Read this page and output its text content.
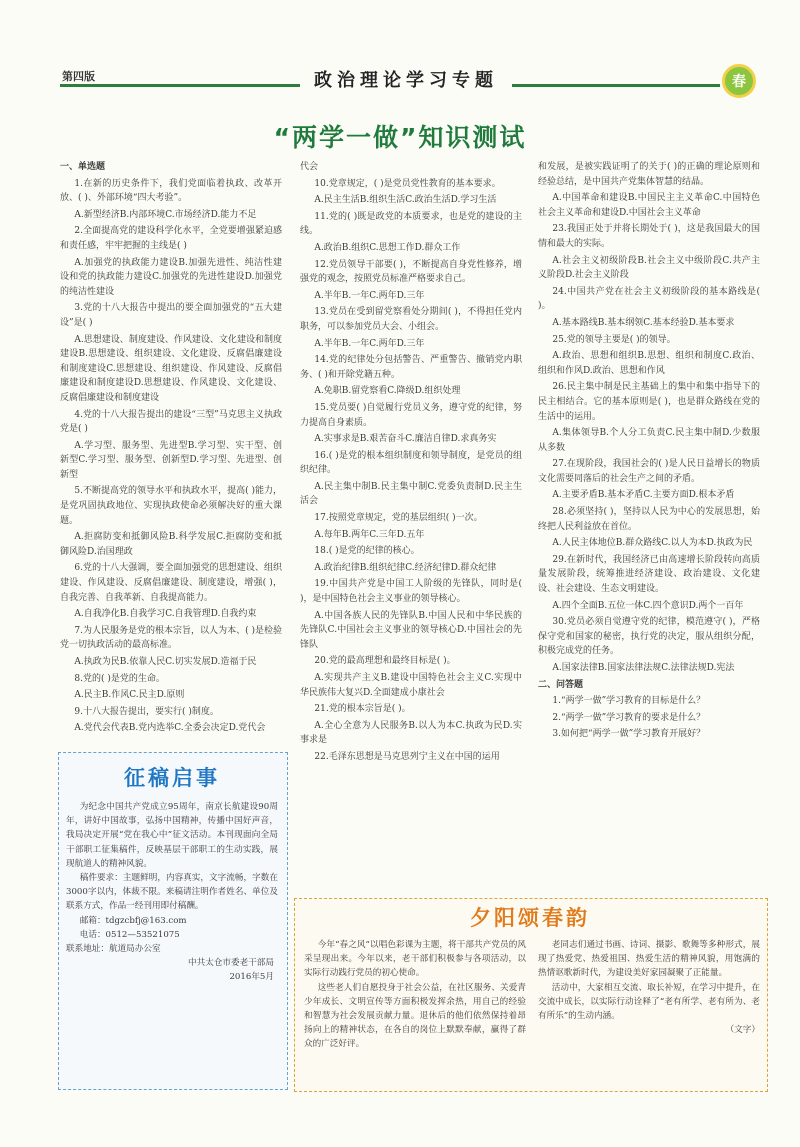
第四版	政治理论学习专题	春
“两学一做”知识测试

一、单选题

1.在新的历史条件下，我们党面临着执政、改革开放、( )、外部环境“四大考验”。

A.新型经济B.内部环境C.市场经济D.能力不足

2.全面提高党的建设科学化水平，全党要增强紧迫感和责任感，牢牢把握的主线是( )

A.加强党的执政能力建设B.加强先进性、纯洁性建设和党的执政能力建设C.加强党的先进性建设D.加强党的纯洁性建设

3.党的十八大报告中提出的要全面加强党的“五大建设”是( )

A.思想建设、制度建设、作风建设、文化建设和制度建设B.思想建设、组织建设、文化建设、反腐倡廉建设和制度建设C.思想建设、组织建设、作风建设、反腐倡廉建设和制度建设D.思想建设、作风建设、文化建设、反腐倡廉建设和制度建设

4.党的十八大报告提出的建设“三型”马克思主义执政党是( )

A.学习型、服务型、先进型B.学习型、实干型、创新型C.学习型、服务型、创新型D.学习型、先进型、创新型

5.不断提高党的领导水平和执政水平，提高( )能力，是党巩固执政地位、实现执政使命必须解决好的重大课题。

A.拒腐防变和抵御风险B.科学发展C.拒腐防变和抵御风险D.治国理政

6.党的十八大强调，要全面加强党的思想建设、组织建设、作风建设、反腐倡廉建设、制度建设，增强( )，自我完善、自我革新、自我提高能力。

A.自我净化B.自我学习C.自我管理D.自我约束

7.为人民服务是党的根本宗旨，以人为本、( )是检验党一切执政活动的最高标准。

A.执政为民B.依靠人民C.切实发展D.造福于民

8.党的( )是党的生命。

A.民主B.作风C.民主D.原则

9.十八大报告提出，要实行( )制度。

A.党代会代表B.党内选举C.全委会决定D.党代会

代会

10.党章规定，( )是党员党性教育的基本要求。

A.民主生活B.组织生活C.政治生活D.学习生活

11.党的( )既是政党的本质要求，也是党的建设的主线。

A.政治B.组织C.思想工作D.群众工作

12.党员领导干部要( )，不断提高自身党性修养，增强党的观念，按照党员标准严格要求自己。

A.半年B.一年C.两年D.三年

13.党员在受到留党察看处分期间( )，不得担任党内职务，可以参加党员大会、小组会。

A.半年B.一年C.两年D.三年

14.党的纪律处分包括警告、严重警告、撤销党内职务、( )和开除党籍五种。

A.免职B.留党察看C.降级D.组织处理

15.党员要( )自觉履行党员义务，遵守党的纪律，努力提高自身素质。

A.实事求是B.艰苦奋斗C.廉洁自律D.求真务实

16.( )是党的根本组织制度和领导制度，是党员的组织纪律。

A.民主集中制B.民主集中制C.党委负责制D.民主生活会

17.按照党章规定，党的基层组织( )一次。

A.每年B.两年C.三年D.五年

18.( )是党的纪律的核心。

A.政治纪律B.组织纪律C.经济纪律D.群众纪律

19.中国共产党是中国工人阶级的先锋队，同时是( )，是中国特色社会主义事业的领导核心。

A.中国各族人民的先锋队B.中国人民和中华民族的先锋队C.中国社会主义事业的领导核心D.中国社会的先锋队

20.党的最高理想和最终目标是( )。

A.实现共产主义B.建设中国特色社会主义C.实现中华民族伟大复兴D.全面建成小康社会

21.党的根本宗旨是( )。

A.全心全意为人民服务B.以人为本C.执政为民D.实事求是

22.毛泽东思想是马克思列宁主义在中国的运用

和发展，是被实践证明了的关于( )的正确的理论原则和经验总结，是中国共产党集体智慧的结晶。

A.中国革命和建设B.中国民主主义革命C.中国特色社会主义革命和建设D.中国社会主义革命

23.我国正处于并将长期处于( )，这是我国最大的国情和最大的实际。

A.社会主义初级阶段B.社会主义中级阶段C.共产主义阶段D.社会主义阶段

24.中国共产党在社会主义初级阶段的基本路线是( )。

A.基本路线B.基本纲领C.基本经验D.基本要求

25.党的领导主要是( )的领导。

A.政治、思想和组织B.思想、组织和制度C.政治、组织和作风D.政治、思想和作风

26.民主集中制是民主基础上的集中和集中指导下的民主相结合。它的基本原则是( )，也是群众路线在党的生活中的运用。

A.集体领导B.个人分工负责C.民主集中制D.少数服从多数

27.在现阶段，我国社会的( )是人民日益增长的物质文化需要同落后的社会生产之间的矛盾。

A.主要矛盾B.基本矛盾C.主要方面D.根本矛盾

28.必须坚持( )，坚持以人民为中心的发展思想，始终把人民利益放在首位。

A.人民主体地位B.群众路线C.以人为本D.执政为民

29.在新时代，我国经济已由高速增长阶段转向高质量发展阶段，统筹推进经济建设、政治建设、文化建设、社会建设、生态文明建设。

A.四个全面B.五位一体C.四个意识D.两个一百年

30.党员必须自觉遵守党的纪律，模范遵守( )，严格保守党和国家的秘密，执行党的决定，服从组织分配，积极完成党的任务。

A.国家法律B.国家法律法规C.法律法规D.宪法

二、问答题

1.“两学一做”学习教育的目标是什么？

2.“两学一做”学习教育的要求是什么？

3.如何把“两学一做”学习教育开展好？

征稿启事

为纪念中国共产党成立95周年，南京长航建设90周年，讲好中国故事，弘扬中国精神，传播中国好声音，我局决定开展“党在我心中”征文活动。本刊现面向全局干部职工征集稿件，反映基层干部职工的生动实践，展现航道人的精神风貌。

稿件要求：主题鲜明，内容真实，文字流畅，字数在3000字以内，体裁不限。来稿请注明作者姓名、单位及联系方式，作品一经刊用即付稿酬。

邮箱：tdgzcbfj@163.com

电话：0512—53521075

联系地址：航道局办公室

中共太仓市委老干部局

2016年5月

夕阳颂春韵

今年“春之风”以唱色彩课为主题，将干部共产党员的风采呈现出来。今年以来，老干部们积极参与各项活动，以实际行动践行党员的初心使命。

这些老人们自愿投身于社会公益，在社区服务、关爱青少年成长、文明宣传等方面积极发挥余热，用自己的经验和智慧为社会发展贡献力量。退休后的他们依然保持着昂扬向上的精神状态，在各自的岗位上默默奉献，赢得了群众的广泛好评。

老同志们通过书画、诗词、摄影、歌舞等多种形式，展现了热爱党、热爱祖国、热爱生活的精神风貌，用饱满的热情讴歌新时代，为建设美好家园凝聚了正能量。

活动中，大家相互交流、取长补短，在学习中提升，在交流中成长，以实际行动诠释了“老有所学、老有所为、老有所乐”的生动内涵。

（文字）
